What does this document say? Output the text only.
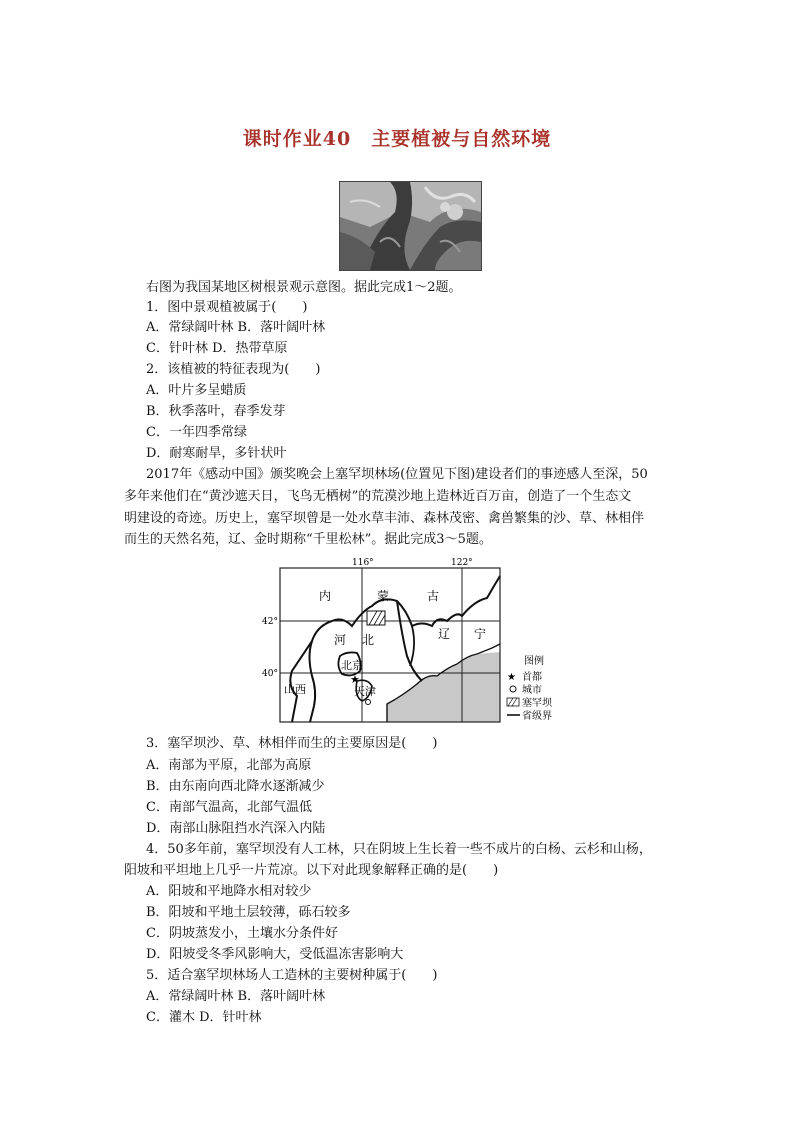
课时作业40　主要植被与自然环境
右图为我国某地区树根景观示意图。据此完成1～2题。
1．图中景观植被属于(　　)
A．常绿阔叶林 B．落叶阔叶林
C．针叶林 D．热带草原
2．该植被的特征表现为(　　)
A．叶片多呈蜡质
B．秋季落叶，春季发芽
C．一年四季常绿
D．耐寒耐旱，多针状叶
2017年《感动中国》颁奖晚会上塞罕坝林场(位置见下图)建设者们的事迹感人至深，50
多年来他们在“黄沙遮天日，飞鸟无栖树”的荒漠沙地上造林近百万亩，创造了一个生态文
明建设的奇迹。历史上，塞罕坝曾是一处水草丰沛、森林茂密、禽兽繁集的沙、草、林相伴
而生的天然名苑，辽、金时期称“千里松林”。据此完成3～5题。
★
116°	122°
42°
40°
内	蒙	古
河 北	辽 宁
北京
天津
山西
图例
★ 首都
城市
塞罕坝
省级界
3．塞罕坝沙、草、林相伴而生的主要原因是(　　)
A．南部为平原，北部为高原
B．由东南向西北降水逐渐减少
C．南部气温高，北部气温低
D．南部山脉阻挡水汽深入内陆
4．50多年前，塞罕坝没有人工林，只在阴坡上生长着一些不成片的白杨、云杉和山杨，
阳坡和平坦地上几乎一片荒凉。以下对此现象解释正确的是(　　)
A．阳坡和平地降水相对较少
B．阳坡和平地土层较薄，砾石较多
C．阴坡蒸发小，土壤水分条件好
D．阳坡受冬季风影响大，受低温冻害影响大
5．适合塞罕坝林场人工造林的主要树种属于(　　)
A．常绿阔叶林 B．落叶阔叶林
C．灌木 D．针叶林
